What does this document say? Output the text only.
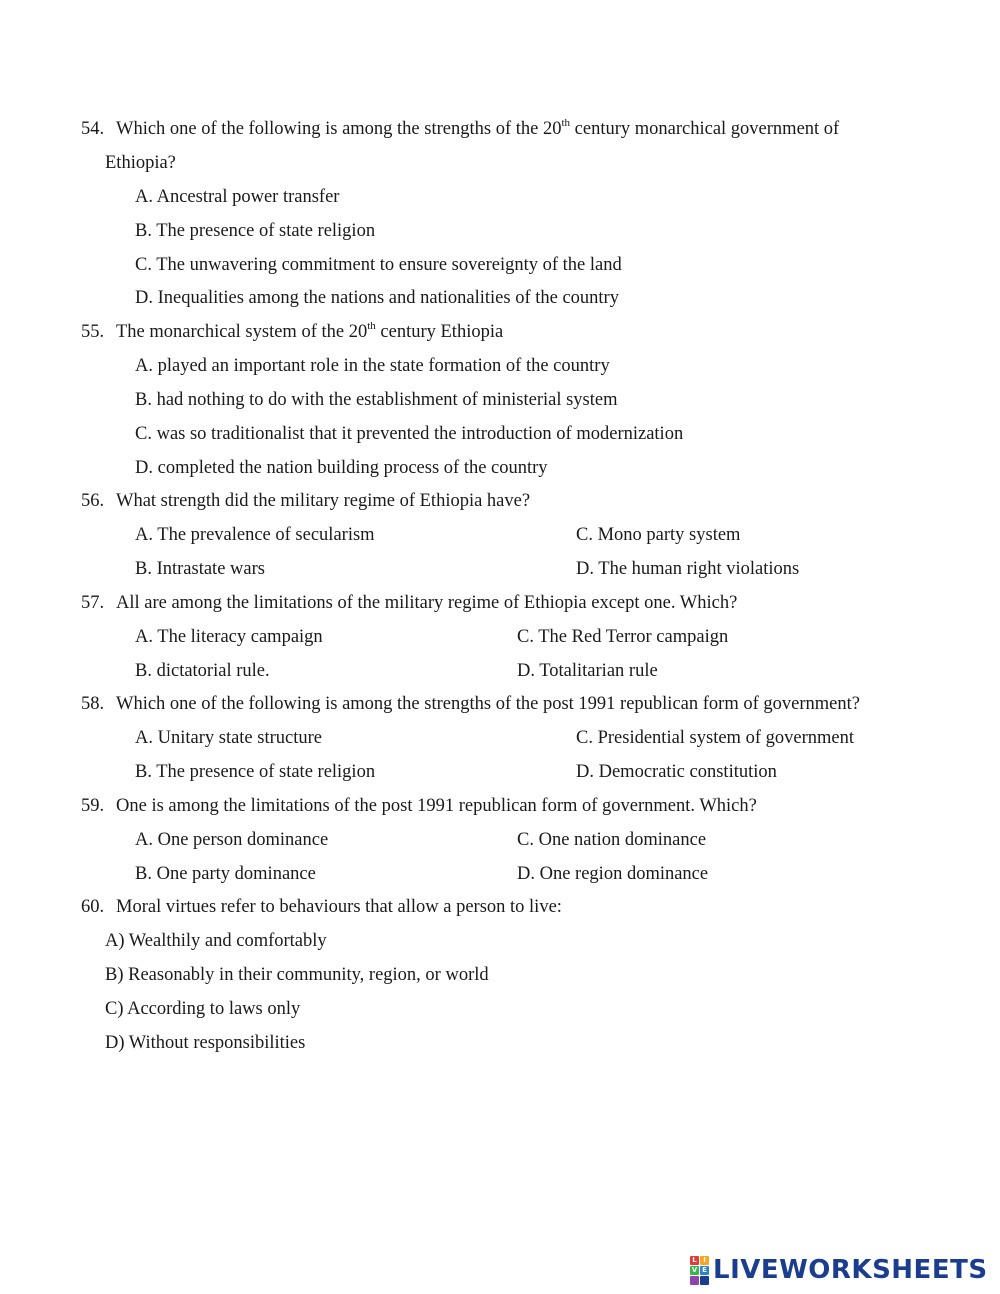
54. Which one of the following is among the strengths of the 20th century monarchical government of
Ethiopia?
A. Ancestral power transfer
B. The presence of state religion
C. The unwavering commitment to ensure sovereignty of the land
D. Inequalities among the nations and nationalities of the country
55. The monarchical system of the 20th century Ethiopia
A. played an important role in the state formation of the country
B. had nothing to do with the establishment of ministerial system
C. was so traditionalist that it prevented the introduction of modernization
D. completed the nation building process of the country
56. What strength did the military regime of Ethiopia have?
A. The prevalence of secularism	C. Mono party system
B. Intrastate wars	D. The human right violations
57. All are among the limitations of the military regime of Ethiopia except one. Which?
A. The literacy campaign	C. The Red Terror campaign
B. dictatorial rule.	D. Totalitarian rule
58. Which one of the following is among the strengths of the post 1991 republican form of government?
A. Unitary state structure	C. Presidential system of government
B. The presence of state religion	D. Democratic constitution
59. One is among the limitations of the post 1991 republican form of government. Which?
A. One person dominance	C. One nation dominance
B. One party dominance	D. One region dominance
60. Moral virtues refer to behaviours that allow a person to live:
A) Wealthily and comfortably
B) Reasonably in their community, region, or world
C) According to laws only
D) Without responsibilities
L I
V E LIVEWORKSHEETS
